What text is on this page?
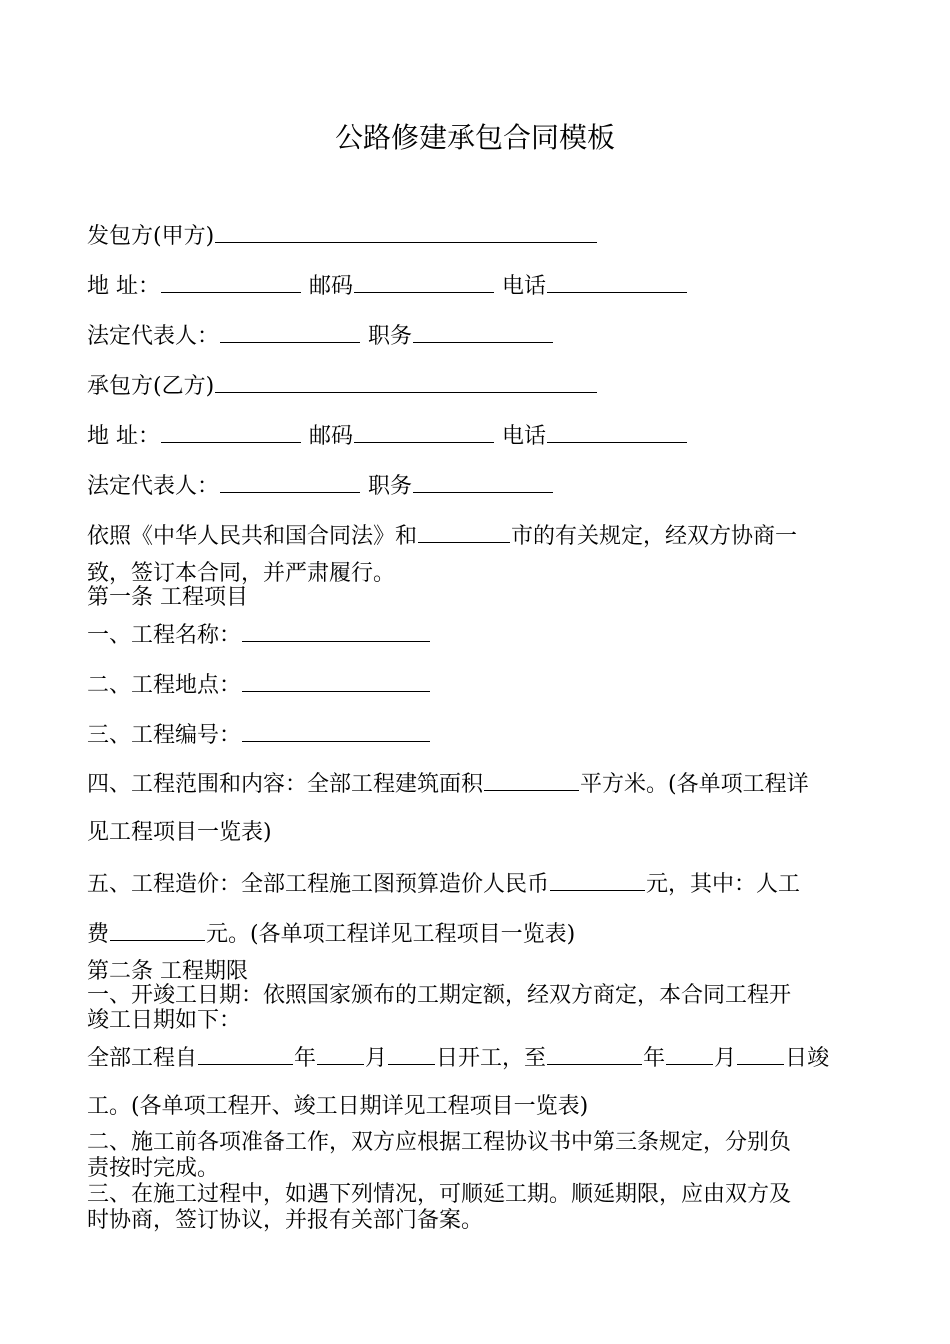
公路修建承包合同模板
发包方(甲方)
地 址：	邮码	电话
法定代表人：	职务
承包方(乙方)
地 址：	邮码	电话
法定代表人：	职务
依照《中华人民共和国合同法》和	市的有关规定，经双方协商一
致，签订本合同，并严肃履行。
第一条 工程项目
一、工程名称：
二、工程地点：
三、工程编号：
四、工程范围和内容：全部工程建筑面积	平方米。(各单项工程详
见工程项目一览表)
五、工程造价：全部工程施工图预算造价人民币	元，其中：人工
费	元。(各单项工程详见工程项目一览表)
第二条 工程期限

一、开竣工日期：依照国家颁布的工期定额，经双方商定，本合同工程开

竣工日期如下：

全部工程自	年 月 日开工，至	年 月 日竣
工。(各单项工程开、竣工日期详见工程项目一览表)

二、施工前各项准备工作，双方应根据工程协议书中第三条规定，分别负

责按时完成。

三、在施工过程中，如遇下列情况，可顺延工期。顺延期限，应由双方及

时协商，签订协议，并报有关部门备案。
